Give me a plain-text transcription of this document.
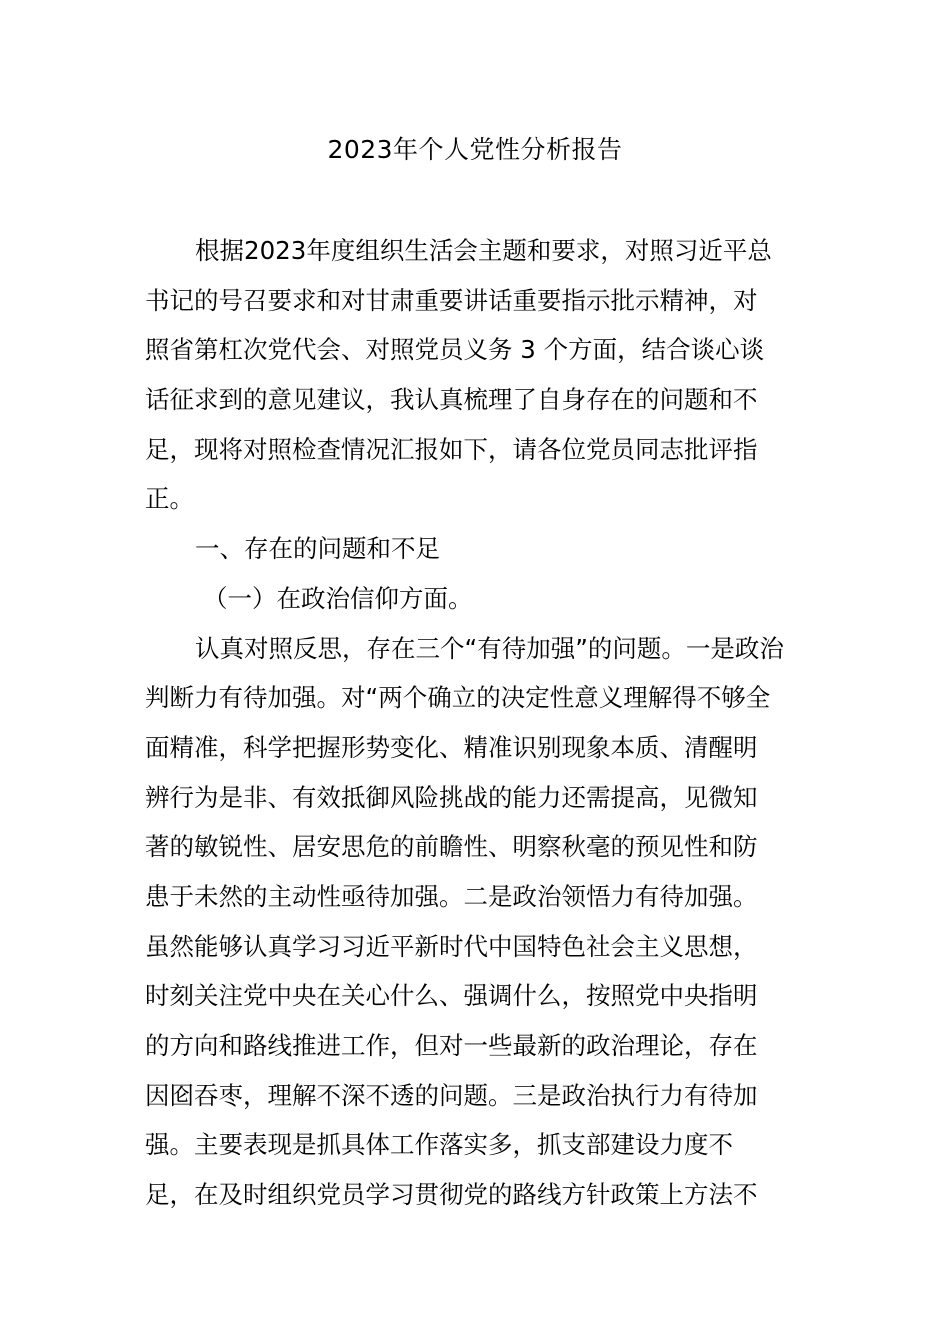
2023年个人党性分析报告
根据2023年度组织生活会主题和要求，对照习近平总
书记的号召要求和对甘肃重要讲话重要指示批示精神，对
照省第杠次党代会、对照党员义务 3 个方面，结合谈心谈
话征求到的意见建议，我认真梳理了自身存在的问题和不
足，现将对照检查情况汇报如下，请各位党员同志批评指
正。
一、存在的问题和不足
（一）在政治信仰方面。
认真对照反思，存在三个“有待加强”的问题。一是政治
判断力有待加强。对“两个确立的决定性意义理解得不够全
面精准，科学把握形势变化、精准识别现象本质、清醒明
辨行为是非、有效抵御风险挑战的能力还需提高，见微知
著的敏锐性、居安思危的前瞻性、明察秋毫的预见性和防
患于未然的主动性亟待加强。二是政治领悟力有待加强。
虽然能够认真学习习近平新时代中国特色社会主义思想，
时刻关注党中央在关心什么、强调什么，按照党中央指明
的方向和路线推进工作，但对一些最新的政治理论，存在
因囵吞枣，理解不深不透的问题。三是政治执行力有待加
强。主要表现是抓具体工作落实多，抓支部建设力度不
足，在及时组织党员学习贯彻党的路线方针政策上方法不
